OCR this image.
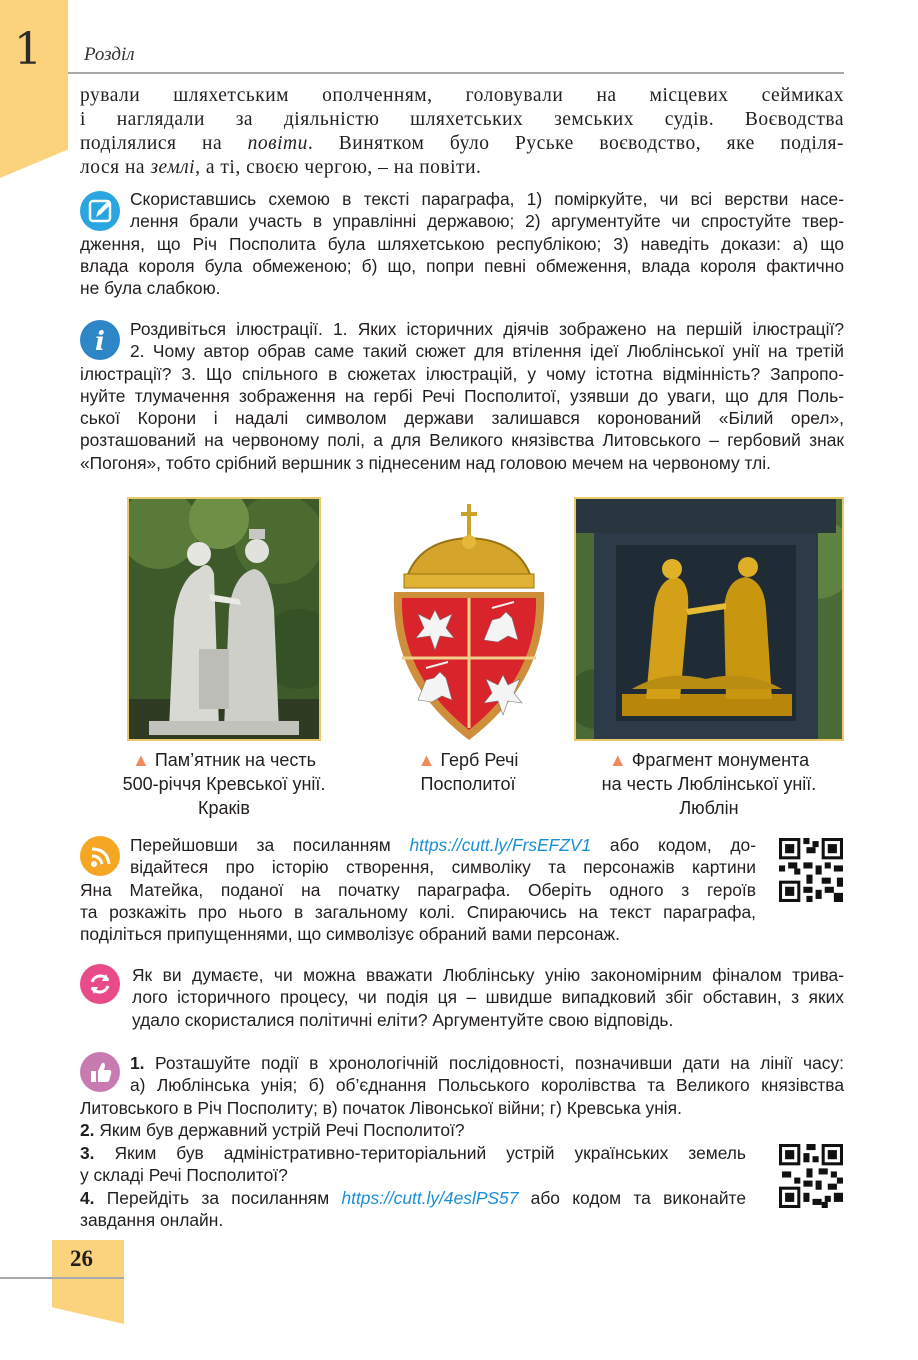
1 Розділ
рували шляхетським ополченням, головували на місцевих сеймиках
і наглядали за діяльністю шляхетських земських судів. Воєводства
поділялися на повіти. Винятком було Руське воєводство, яке поділя-
лося на землі, а ті, своєю чергою, – на повіти.
Скориставшись схемою в тексті параграфа, 1) поміркуйте, чи всі верстви насе-
лення брали участь в управлінні державою; 2) аргументуйте чи спростуйте твер-
дження, що Річ Посполита була шляхетською республікою; 3) наведіть докази: а) що
влада короля була обмеженою; б) що, попри певні обмеження, влада короля фактично
не була слабкою.
i Роздивіться ілюстрації. 1. Яких історичних діячів зображено на першій ілюстрації?
2. Чому автор обрав саме такий сюжет для втілення ідеї Люблінської унії на третій
ілюстрації? 3. Що спільного в сюжетах ілюстрацій, у чому істотна відмінність? Запропо-
нуйте тлумачення зображення на гербі Речі Посполитої, узявши до уваги, що для Поль-
ської Корони і надалі символом держави залишався коронований «Білий орел»,
розташований на червоному полі, а для Великого князівства Литовського – гербовий знак
«Погоня», тобто срібний вершник з піднесеним над головою мечем на червоному тлі.
▲ Пам’ятник на честь
500-річчя Кревської унії.
Краків
▲ Герб Речі
Посполитої
▲ Фрагмент монумента
на честь Люблінської унії.
Люблін
Перейшовши за посиланням https://cutt.ly/FrsEFZV1 або кодом, до-
відайтеся про історію створення, символіку та персонажів картини
Яна Матейка, поданої на початку параграфа. Оберіть одного з героїв
та розкажіть про нього в загальному колі. Спираючись на текст параграфа,
поділіться припущеннями, що символізує обраний вами персонаж.
Як ви думаєте, чи можна вважати Люблінську унію закономірним фіналом трива-
лого історичного процесу, чи подія ця – швидше випадковий збіг обставин, з яких
удало скористалися політичні еліти? Аргументуйте свою відповідь.
1. Розташуйте події в хронологічній послідовності, позначивши дати на лінії часу:
а) Люблінська унія; б) об’єднання Польського королівства та Великого князівства
Литовського в Річ Посполиту; в) початок Лівонської війни; г) Кревська унія.
2. Яким був державний устрій Речі Посполитої?
3. Яким був адміністративно-територіальний устрій українських земель
у складі Речі Посполитої?
4. Перейдіть за посиланням https://cutt.ly/4eslPS57 або кодом та виконайте
завдання онлайн.
26
